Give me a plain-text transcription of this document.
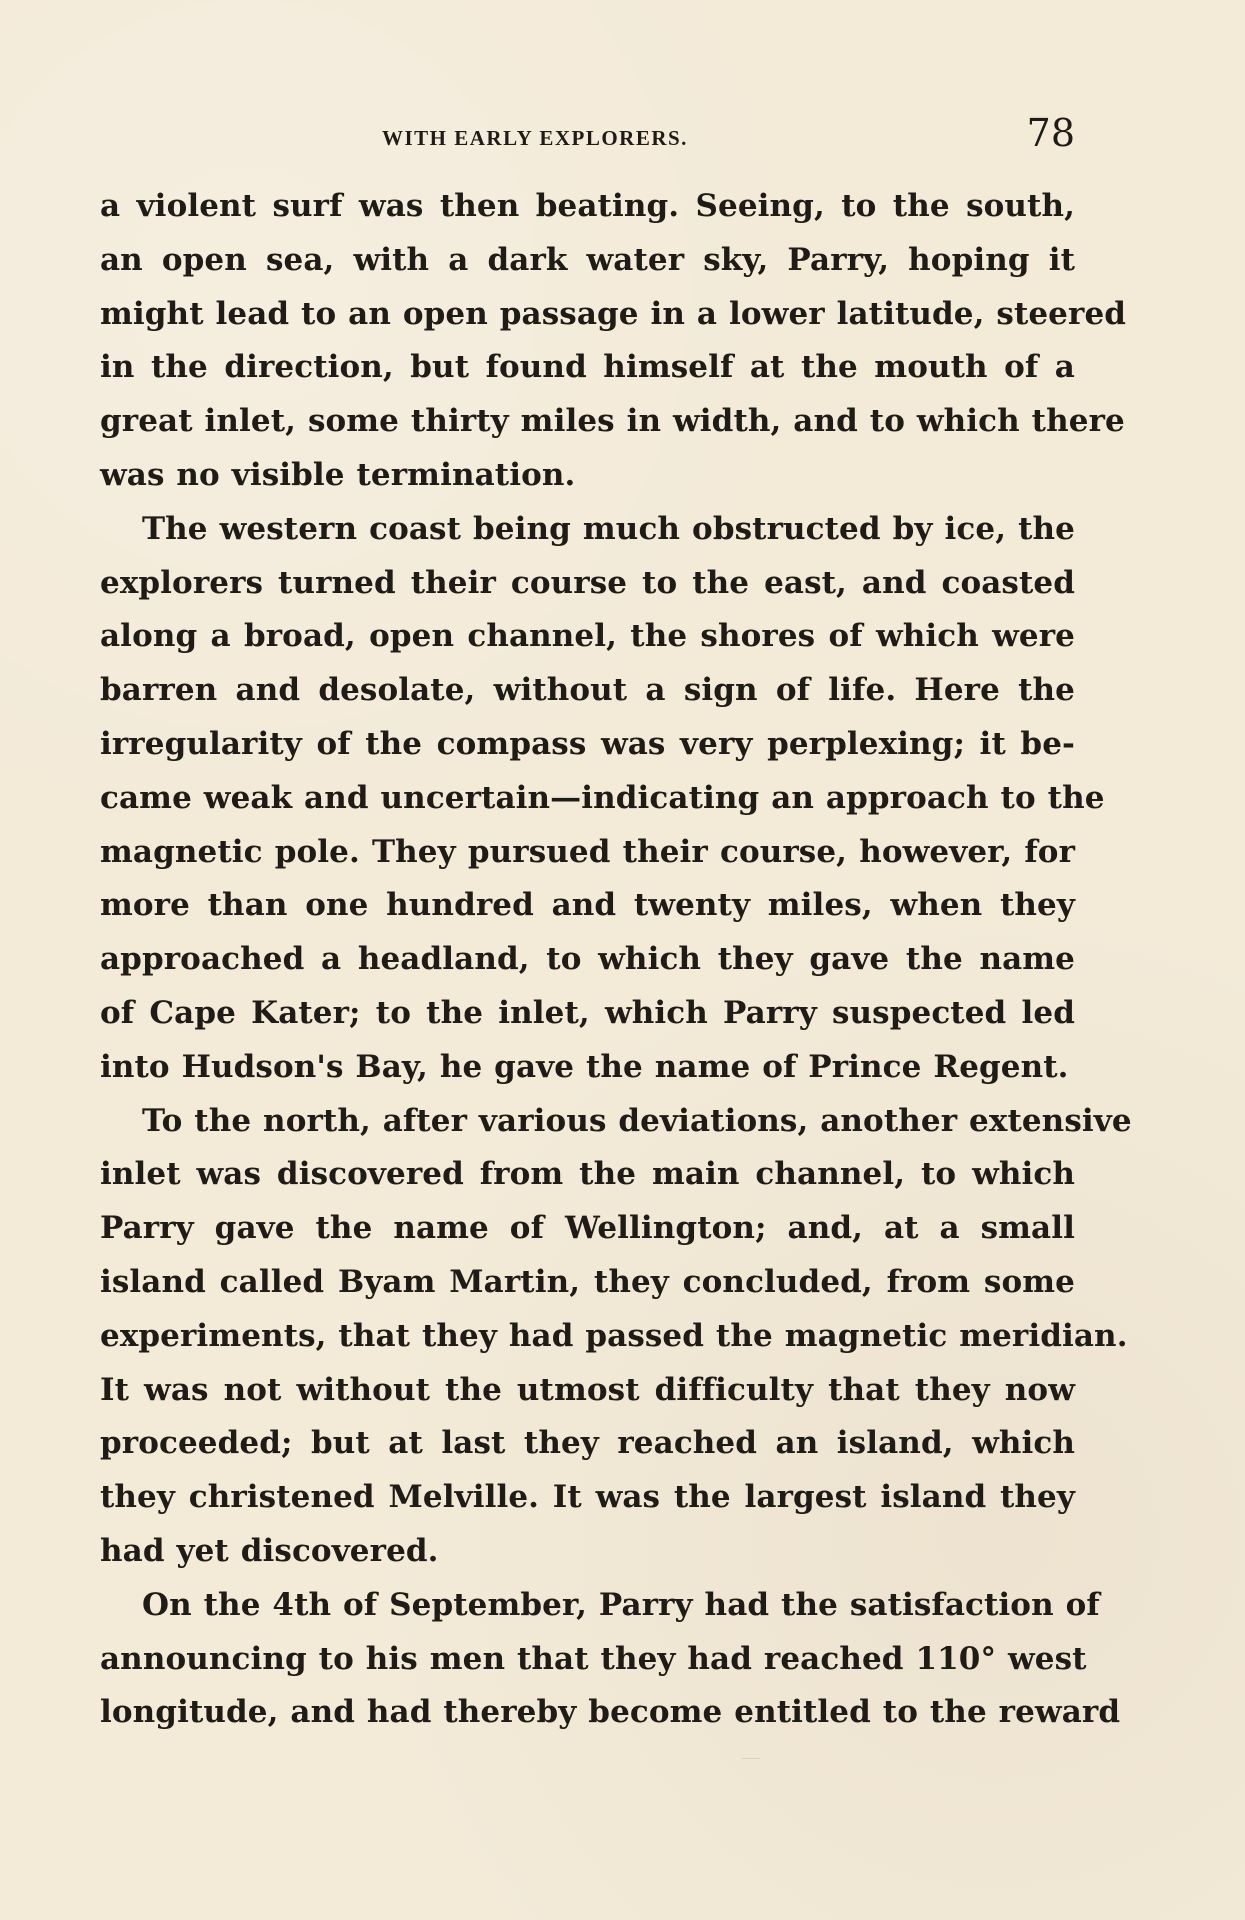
WITH EARLY EXPLORERS.	78
a violent surf was then beating. Seeing, to the south,
an open sea, with a dark water sky, Parry, hoping it
might lead to an open passage in a lower latitude, steered
in the direction, but found himself at the mouth of a
great inlet, some thirty miles in width, and to which there
was no visible termination.
The western coast being much obstructed by ice, the
explorers turned their course to the east, and coasted
along a broad, open channel, the shores of which were
barren and desolate, without a sign of life. Here the
irregularity of the compass was very perplexing; it be-
came weak and uncertain—indicating an approach to the
magnetic pole. They pursued their course, however, for
more than one hundred and twenty miles, when they
approached a headland, to which they gave the name
of Cape Kater; to the inlet, which Parry suspected led
into Hudson's Bay, he gave the name of Prince Regent.
To the north, after various deviations, another extensive
inlet was discovered from the main channel, to which
Parry gave the name of Wellington; and, at a small
island called Byam Martin, they concluded, from some
experiments, that they had passed the magnetic meridian.
It was not without the utmost difficulty that they now
proceeded; but at last they reached an island, which
they christened Melville. It was the largest island they
had yet discovered.
On the 4th of September, Parry had the satisfaction of
announcing to his men that they had reached 110° west
longitude, and had thereby become entitled to the reward
